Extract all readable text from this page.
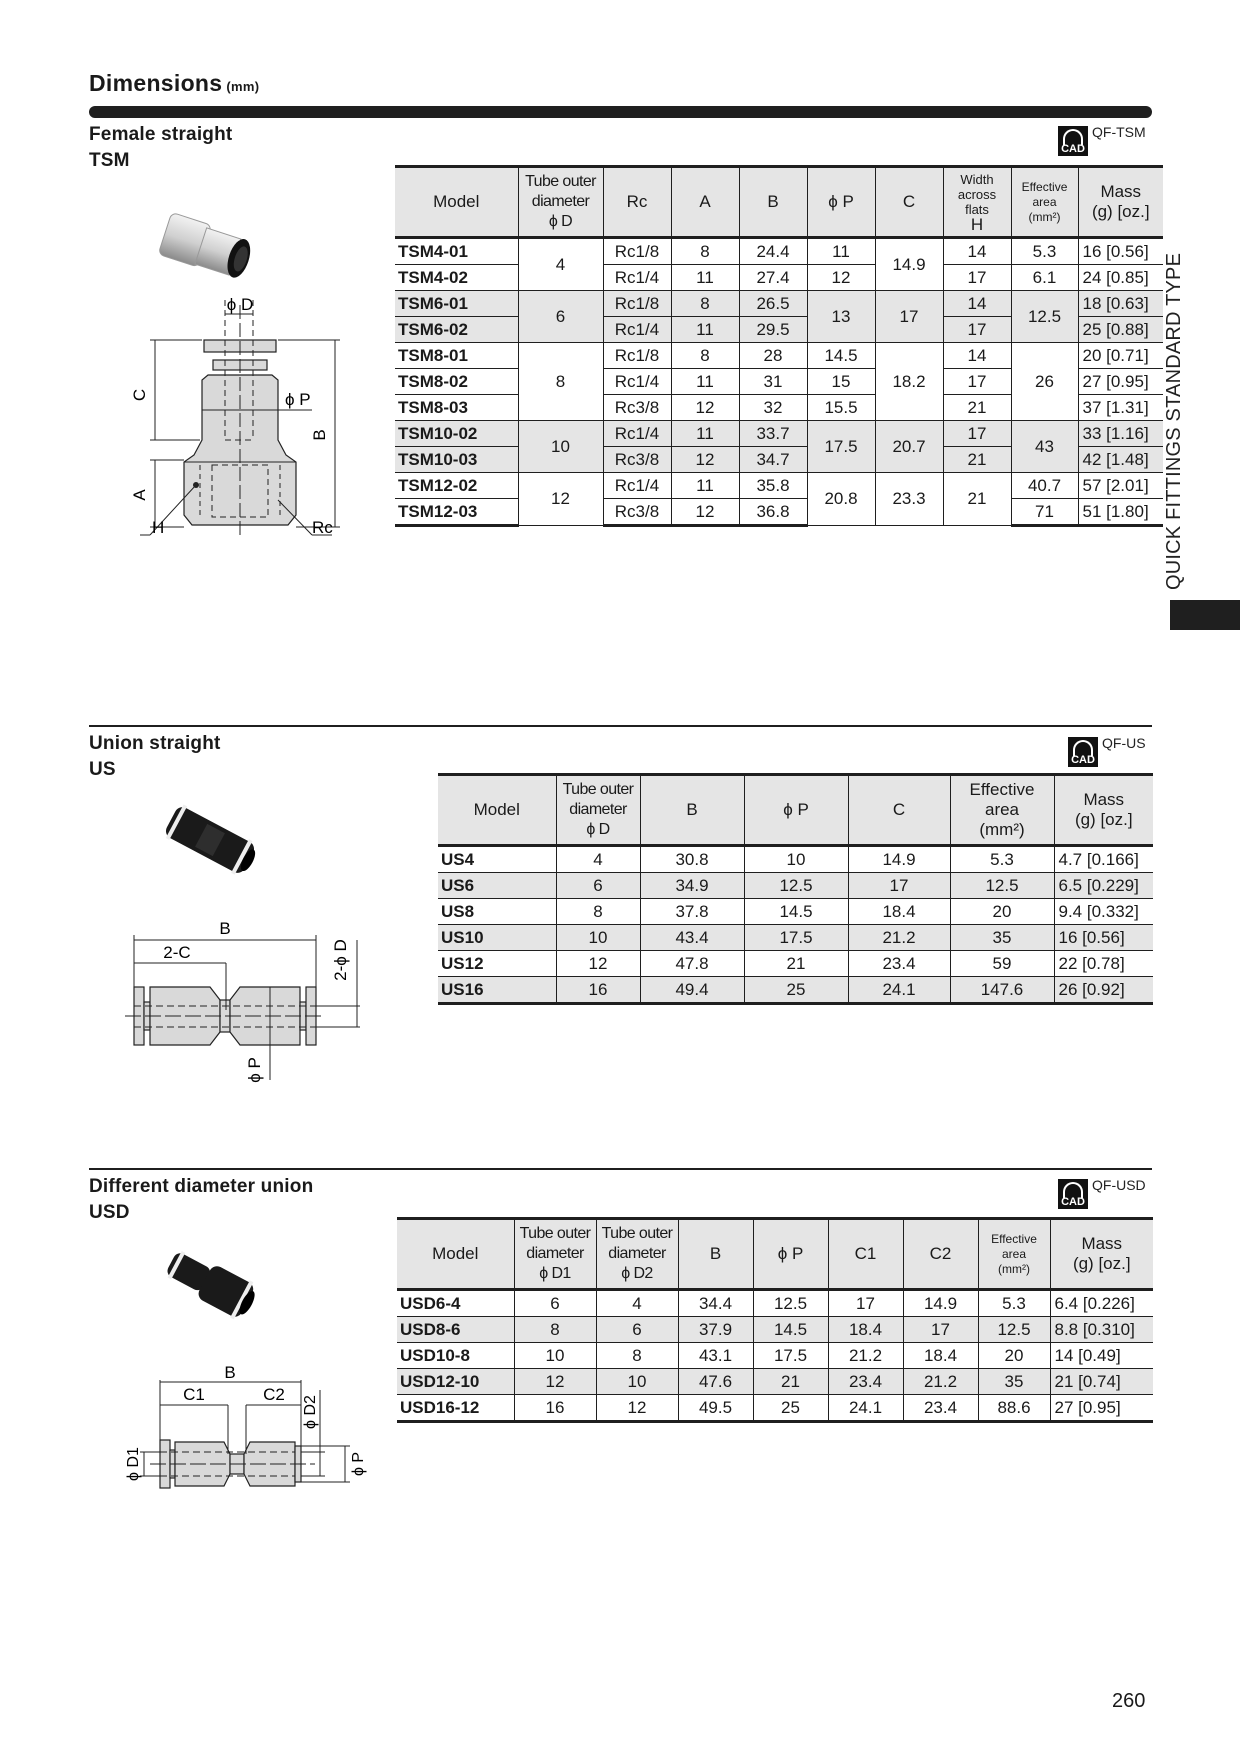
Dimensions (mm)
QUICK FITTINGS STANDARD TYPE
Female straight
TSM
CAD
QF-TSM
ϕ D
C
A
B
ϕ P
H	Rc
Model	Tube outer
diameter
ϕ D	Rc	A	B	ϕ P	C	Width
across
flats
H	Effective
area
(mm²)	Mass
(g) [oz.]
TSM4-01	4	Rc1/8	8	24.4	11	14.9	14	5.3	16 [0.56]
TSM4-02		Rc1/4	11	27.4	12		17	6.1	24 [0.85]
TSM6-01	6	Rc1/8	8	26.5	13	17	14	12.5	18 [0.63]
TSM6-02		Rc1/4	11	29.5			17		25 [0.88]
TSM8-01	8	Rc1/8	8	28	14.5	18.2	14	26	20 [0.71]
TSM8-02		Rc1/4	11	31	15		17		27 [0.95]
TSM8-03		Rc3/8	12	32	15.5		21		37 [1.31]
TSM10-02	10	Rc1/4	11	33.7	17.5	20.7	17	43	33 [1.16]
TSM10-03		Rc3/8	12	34.7			21		42 [1.48]
TSM12-02	12	Rc1/4	11	35.8	20.8	23.3	21	40.7	57 [2.01]
TSM12-03		Rc3/8	12	36.8				71	51 [1.80]
Union straight
US	CAD
QF-US
B
2-C	2-ϕ D
ϕ P
Model	Tube outer
diameter
ϕ D	B	ϕ P	C	Effective
area
(mm²)	Mass
(g) [oz.]
US4	4	30.8	10	14.9	5.3	4.7 [0.166]
US6	6	34.9	12.5	17	12.5	6.5 [0.229]
US8	8	37.8	14.5	18.4	20	9.4 [0.332]
US10	10	43.4	17.5	21.2	35	16 [0.56]
US12	12	47.8	21	23.4	59	22 [0.78]
US16	16	49.4	25	24.1	147.6	26 [0.92]
Different diameter union
USD	CAD
QF-USD
B
C1	C2
ϕ D1
ϕ D2
ϕ P
Model	Tube outer
diameter
ϕ D1	Tube outer
diameter
ϕ D2	B	ϕ P	C1	C2	Effective
area
(mm²)	Mass
(g) [oz.]
USD6-4	6	4	34.4	12.5	17	14.9	5.3	6.4 [0.226]
USD8-6	8	6	37.9	14.5	18.4	17	12.5	8.8 [0.310]
USD10-8	10	8	43.1	17.5	21.2	18.4	20	14 [0.49]
USD12-10	12	10	47.6	21	23.4	21.2	35	21 [0.74]
USD16-12	16	12	49.5	25	24.1	23.4	88.6	27 [0.95]
260
